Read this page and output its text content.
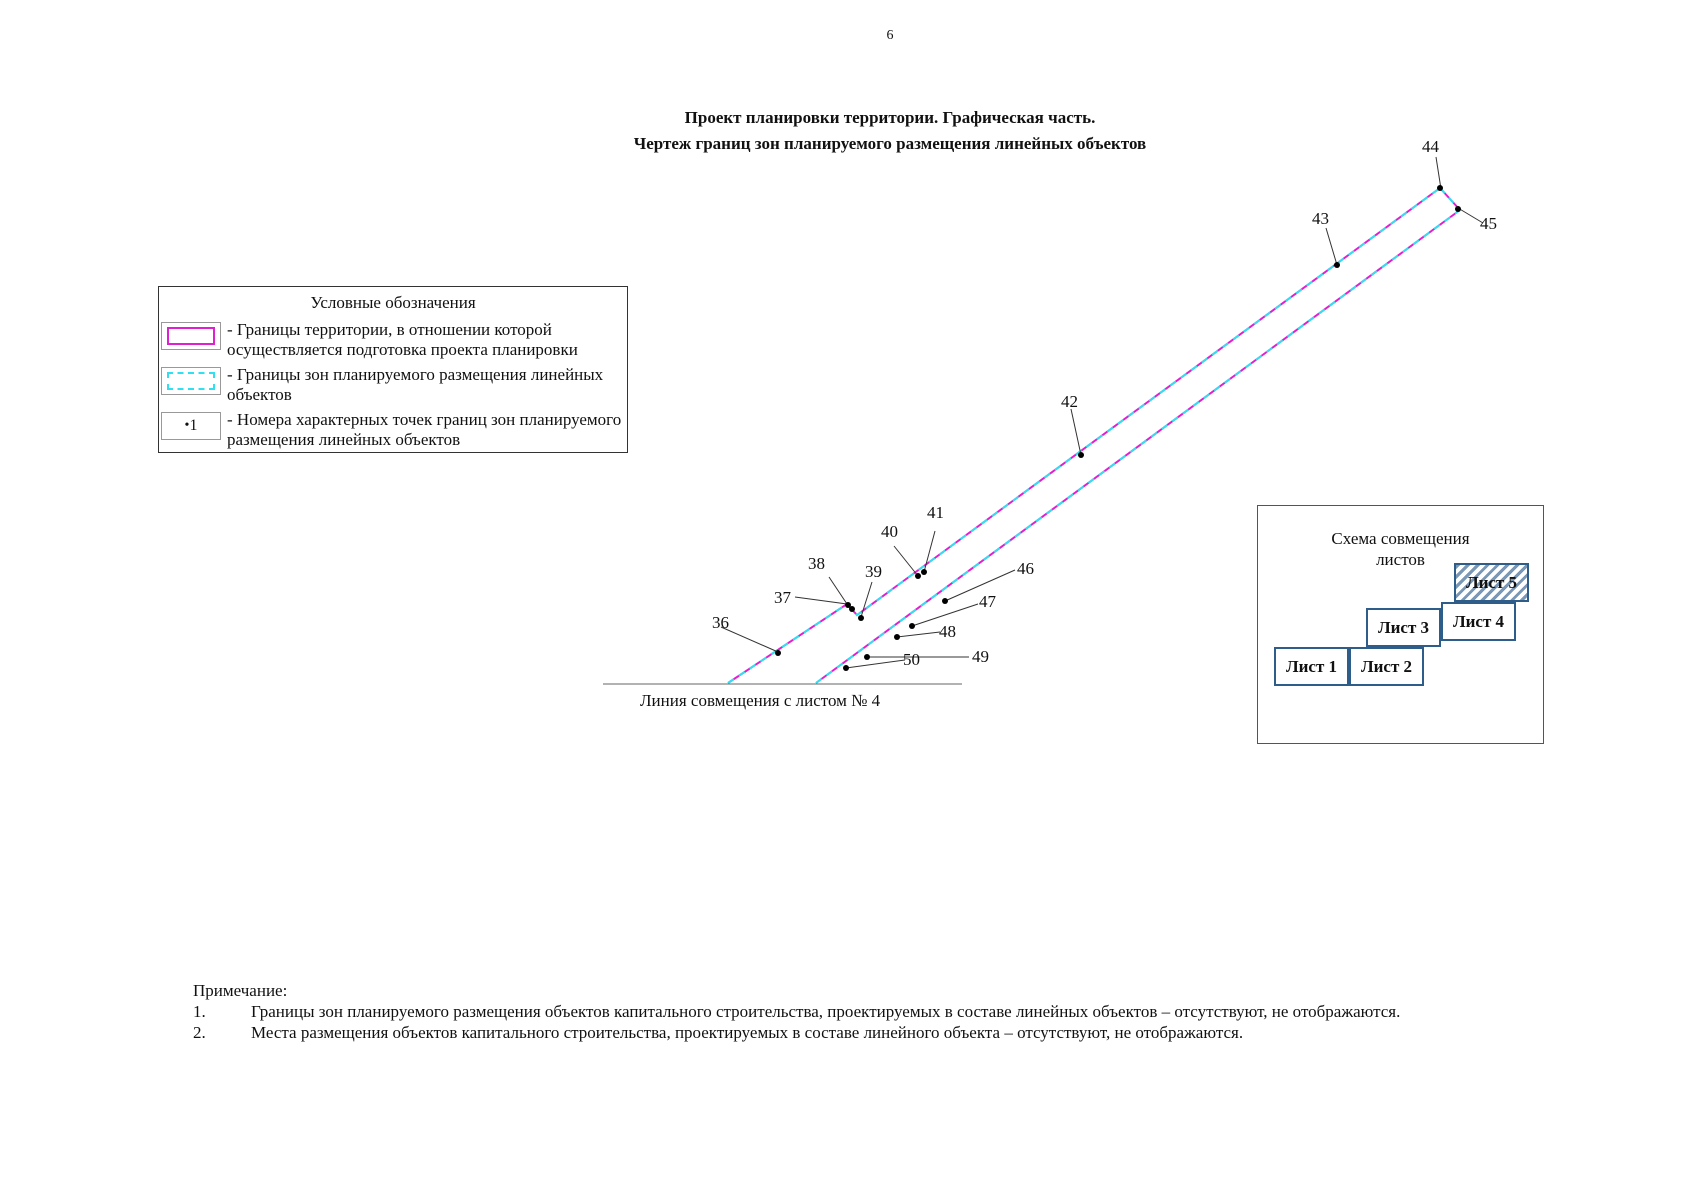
6
Проект планировки территории. Графическая часть.
Чертеж границ зон планируемого размещения линейных объектов
36
37
38 39
40
41
42
43
44
45
46
47
48
49
50
Линия совмещения с листом № 4
Условные обозначения
- Границы территории, в отношении которой осуществляется подготовка проекта планировки
- Границы зон планируемого размещения линейных объектов
• 1 - Номера характерных точек границ зон планируемого размещения линейных объектов
Схема совмещения
листов
Лист 1	Лист 2
Лист 3	Лист 4
Лист 5
Примечание:
1.	Границы зон планируемого размещения объектов капитального строительства, проектируемых в составе линейных объектов – отсутствуют, не отображаются.
2.	Места размещения объектов капитального строительства, проектируемых в составе линейного объекта – отсутствуют, не отображаются.
